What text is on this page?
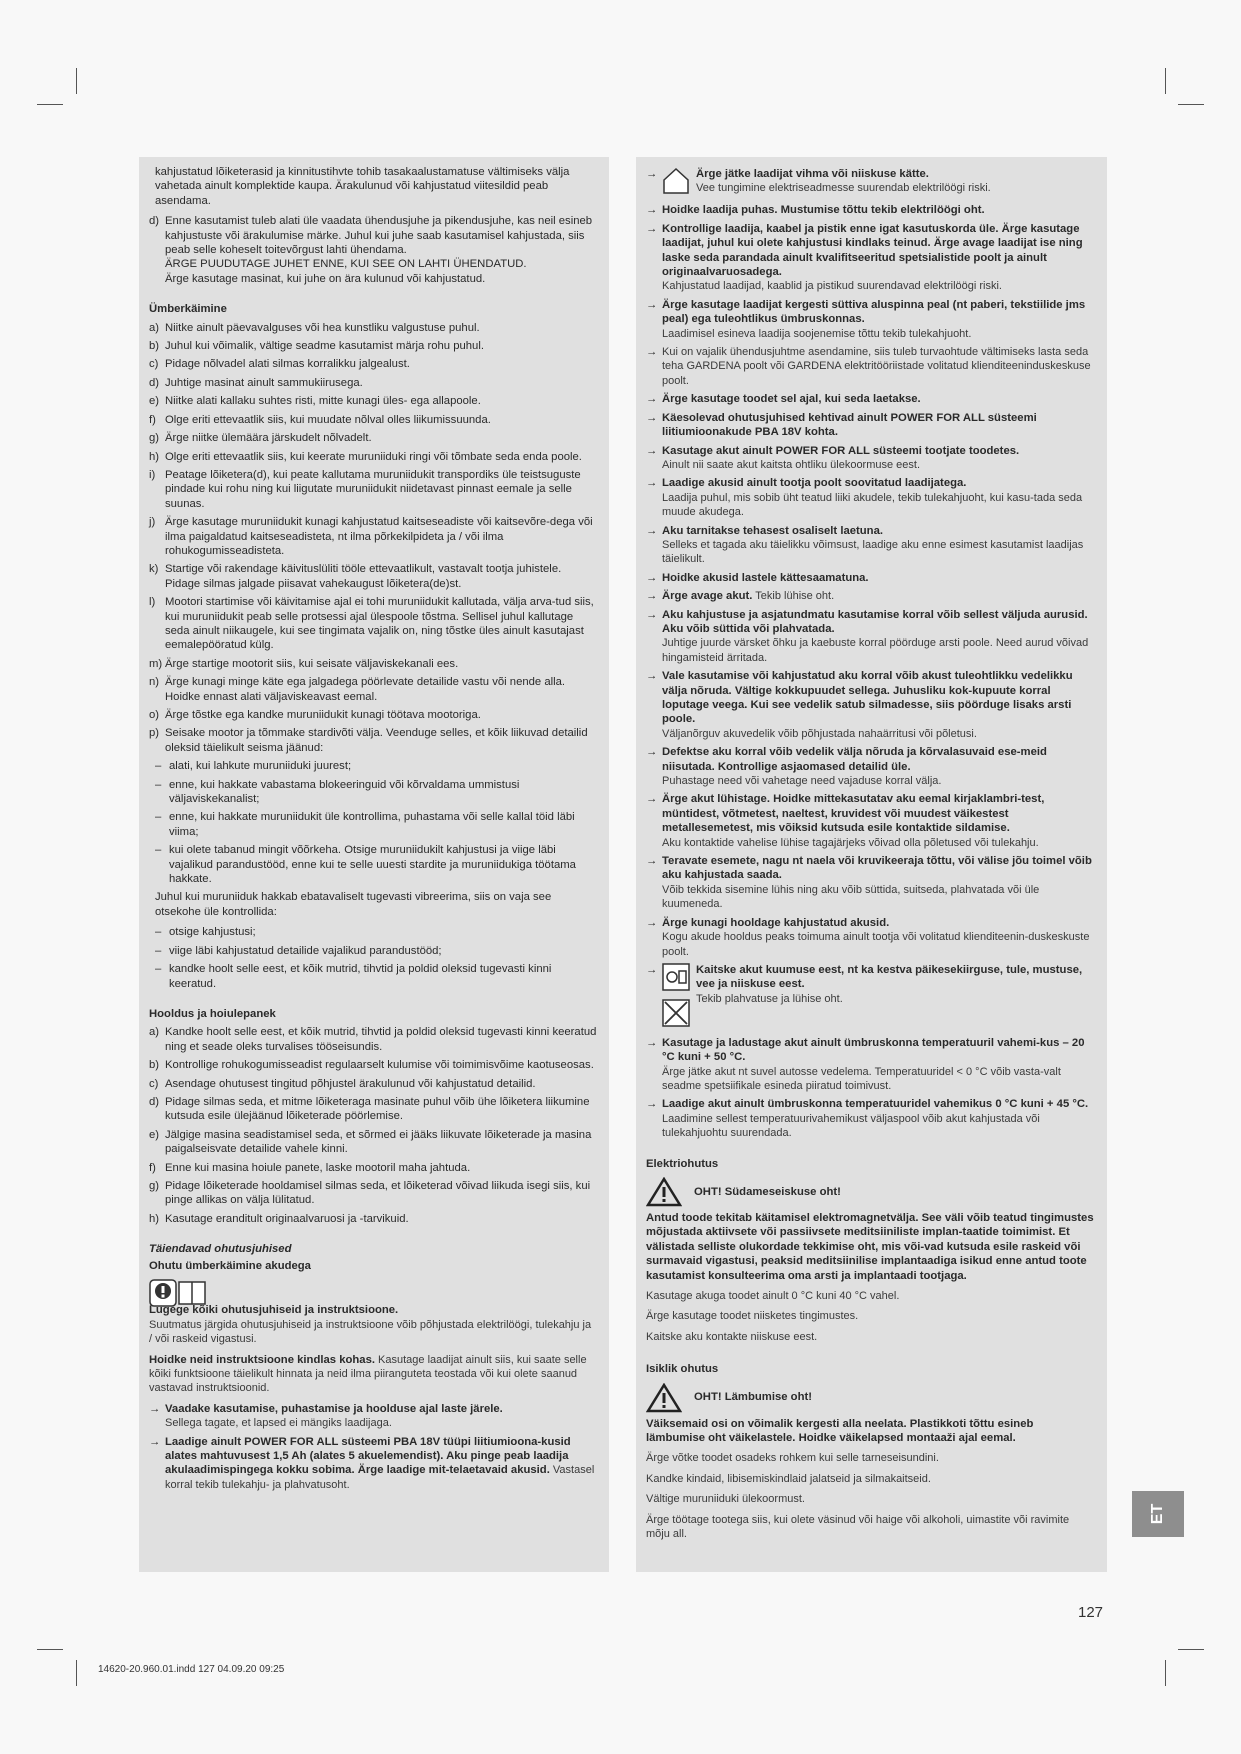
kahjustatud lõiketerasid ja kinnitustihvte tohib tasakaalustamatuse vältimiseks välja vahetada ainult komplektide kaupa. Ärakulunud või kahjustatud viitesildid peab asendama.

d) Enne kasutamist tuleb alati üle vaadata ühendusjuhe ja pikendusjuhe, kas neil esineb kahjustuste või ärakulumise märke. Juhul kui juhe saab kasutamisel kahjustada, siis peab selle koheselt toitevõrgust lahti ühendama.

ÄRGE PUUDUTAGE JUHET ENNE, KUI SEE ON LAHTI ÜHENDATUD.

Ärge kasutage masinat, kui juhe on ära kulunud või kahjustatud.

Ümberkäimine

a) Niitke ainult päevavalguses või hea kunstliku valgustuse puhul.
b) Juhul kui võimalik, vältige seadme kasutamist märja rohu puhul.
c) Pidage nõlvadel alati silmas korralikku jalgealust.
d) Juhtige masinat ainult sammukiirusega.
e) Niitke alati kallaku suhtes risti, mitte kunagi üles- ega allapoole.
f) Olge eriti ettevaatlik siis, kui muudate nõlval olles liikumissuunda.
g) Ärge niitke ülemäära järskudelt nõlvadelt.
h) Olge eriti ettevaatlik siis, kui keerate muruniiduki ringi või tõmbate seda enda poole.
i) Peatage lõiketera(d), kui peate kallutama muruniidukit transpordiks üle teistsuguste pindade kui rohu ning kui liigutate muruniidukit niidetavast pinnast eemale ja selle suunas.
j) Ärge kasutage muruniidukit kunagi kahjustatud kaitseseadiste või kaitsevõre-dega või ilma paigaldatud kaitseseadisteta, nt ilma põrkekilpideta ja / või ilma rohukogumisseadisteta.
k) Startige või rakendage käivituslüliti tööle ettevaatlikult, vastavalt tootja juhistele. Pidage silmas jalgade piisavat vahekaugust lõiketera(de)st.
l) Mootori startimise või käivitamise ajal ei tohi muruniidukit kallutada, välja arva-tud siis, kui muruniidukit peab selle protsessi ajal ülespoole tõstma. Sellisel juhul kallutage seda ainult niikaugele, kui see tingimata vajalik on, ning tõstke üles ainult kasutajast eemalepööratud külg.
m) Ärge startige mootorit siis, kui seisate väljaviskekanali ees.
n) Ärge kunagi minge käte ega jalgadega pöörlevate detailide vastu või nende alla. Hoidke ennast alati väljaviskeavast eemal.
o) Ärge tõstke ega kandke muruniidukit kunagi töötava mootoriga.
p) Seisake mootor ja tõmmake stardivõti välja. Veenduge selles, et kõik liikuvad detailid oleksid täielikult seisma jäänud:
– alati, kui lahkute muruniiduki juurest;
– enne, kui hakkate vabastama blokeeringuid või kõrvaldama ummistusi väljaviskekanalist;
– enne, kui hakkate muruniidukit üle kontrollima, puhastama või selle kallal töid läbi viima;
– kui olete tabanud mingit võõrkeha. Otsige muruniidukilt kahjustusi ja viige läbi vajalikud parandustööd, enne kui te selle uuesti stardite ja muruniidukiga töötama hakkate.

Juhul kui muruniiduk hakkab ebatavaliselt tugevasti vibreerima, siis on vaja see otsekohe üle kontrollida:

– otsige kahjustusi;
– viige läbi kahjustatud detailide vajalikud parandustööd;
– kandke hoolt selle eest, et kõik mutrid, tihvtid ja poldid oleksid tugevasti kinni keeratud.

Hooldus ja hoiulepanek

a) Kandke hoolt selle eest, et kõik mutrid, tihvtid ja poldid oleksid tugevasti kinni keeratud ning et seade oleks turvalises tööseisundis.
b) Kontrollige rohukogumisseadist regulaarselt kulumise või toimimisvõime kaotuseosas.
c) Asendage ohutusest tingitud põhjustel ärakulunud või kahjustatud detailid.
d) Pidage silmas seda, et mitme lõiketeraga masinate puhul võib ühe lõiketera liikumine kutsuda esile ülejäänud lõiketerade pöörlemise.
e) Jälgige masina seadistamisel seda, et sõrmed ei jääks liikuvate lõiketerade ja masina paigalseisvate detailide vahele kinni.
f) Enne kui masina hoiule panete, laske mootoril maha jahtuda.
g) Pidage lõiketerade hooldamisel silmas seda, et lõiketerad võivad liikuda isegi siis, kui pinge allikas on välja lülitatud.
h) Kasutage eranditult originaalvaruosi ja -tarvikuid.

Täiendavad ohutusjuhised

Ohutu ümberkäimine akudega

Lugege kõiki ohutusjuhiseid ja instruktsioone.

Suutmatus järgida ohutusjuhiseid ja instruktsioone võib põhjustada elektrilöögi, tulekahju ja / või raskeid vigastusi.

Hoidke neid instruktsioone kindlas kohas. Kasutage laadijat ainult siis, kui saate selle kõiki funktsioone täielikult hinnata ja neid ilma piiranguteta teostada või kui olete saanud vastavad instruktsioonid.

→ Vaadake kasutamise, puhastamise ja hoolduse ajal laste järele.

Sellega tagate, et lapsed ei mängiks laadijaga.

→ Laadige ainult POWER FOR ALL süsteemi PBA 18V tüüpi liitiumioona-kusid alates mahtuvusest 1,5 Ah (alates 5 akuelemendist). Aku pinge peab laadija akulaadimispingega kokku sobima. Ärge laadige mit-telaetavaid akusid. Vastasel korral tekib tulekahju- ja plahvatusoht.

→	Ärge jätke laadijat vihma või niiskuse kätte.

Vee tungimine elektriseadmesse suurendab elektrilöögi riski.

→ Hoidke laadija puhas. Mustumise tõttu tekib elektrilöögi oht.

→ Kontrollige laadija, kaabel ja pistik enne igat kasutuskorda üle. Ärge kasutage laadijat, juhul kui olete kahjustusi kindlaks teinud. Ärge avage laadijat ise ning laske seda parandada ainult kvalifitseeritud spetsialistide poolt ja ainult originaalvaruosadega.

Kahjustatud laadijad, kaablid ja pistikud suurendavad elektrilöögi riski.

→ Ärge kasutage laadijat kergesti süttiva aluspinna peal (nt paberi, tekstiilide jms peal) ega tuleohtlikus ümbruskonnas.

Laadimisel esineva laadija soojenemise tõttu tekib tulekahjuoht.

→ Kui on vajalik ühendusjuhtme asendamine, siis tuleb turvaohtude vältimiseks lasta seda teha GARDENA poolt või GARDENA elektritööriistade volitatud klienditeeninduskeskuse poolt.

→ Ärge kasutage toodet sel ajal, kui seda laetakse.

→ Käesolevad ohutusjuhised kehtivad ainult POWER FOR ALL süsteemi liitiumioonakude PBA 18V kohta.

→ Kasutage akut ainult POWER FOR ALL süsteemi tootjate toodetes.

Ainult nii saate akut kaitsta ohtliku ülekoormuse eest.

→ Laadige akusid ainult tootja poolt soovitatud laadijatega.

Laadija puhul, mis sobib üht teatud liiki akudele, tekib tulekahjuoht, kui kasu-tada seda muude akudega.

→ Aku tarnitakse tehasest osaliselt laetuna.

Selleks et tagada aku täielikku võimsust, laadige aku enne esimest kasutamist laadijas täielikult.

→ Hoidke akusid lastele kättesaamatuna.

→ Ärge avage akut. Tekib lühise oht.

→ Aku kahjustuse ja asjatundmatu kasutamise korral võib sellest väljuda aurusid. Aku võib süttida või plahvatada.

Juhtige juurde värsket õhku ja kaebuste korral pöörduge arsti poole. Need aurud võivad hingamisteid ärritada.

→ Vale kasutamise või kahjustatud aku korral võib akust tuleohtlikku vedelikku välja nõruda. Vältige kokkupuudet sellega. Juhusliku kok-kupuute korral loputage veega. Kui see vedelik satub silmadesse, siis pöörduge lisaks arsti poole.

Väljanõrguv akuvedelik võib põhjustada nahaärritusi või põletusi.

→ Defektse aku korral võib vedelik välja nõruda ja kõrvalasuvaid ese-meid niisutada. Kontrollige asjaomased detailid üle.

Puhastage need või vahetage need vajaduse korral välja.

→ Ärge akut lühistage. Hoidke mittekasutatav aku eemal kirjaklambri-test, müntidest, võtmetest, naeltest, kruvidest või muudest väikestest metallesemetest, mis võiksid kutsuda esile kontaktide sildamise.

Aku kontaktide vahelise lühise tagajärjeks võivad olla põletused või tulekahju.

→ Teravate esemete, nagu nt naela või kruvikeeraja tõttu, või välise jõu toimel võib aku kahjustada saada.

Võib tekkida sisemine lühis ning aku võib süttida, suitseda, plahvatada või üle kuumeneda.

→ Ärge kunagi hooldage kahjustatud akusid.

Kogu akude hooldus peaks toimuma ainult tootja või volitatud klienditeenin-duskeskuste poolt.

→	Kaitske akut kuumuse eest, nt ka kestva päikesekiirguse, tule, mustuse, vee ja niiskuse eest.

Tekib plahvatuse ja lühise oht.

→ Kasutage ja ladustage akut ainult ümbruskonna temperatuuril vahemi-kus – 20 °C kuni + 50 °C.

Ärge jätke akut nt suvel autosse vedelema. Temperatuuridel < 0 °C võib vasta-valt seadme spetsiifikale esineda piiratud toimivust.

→ Laadige akut ainult ümbruskonna temperatuuridel vahemikus 0 °C kuni + 45 °C. Laadimine sellest temperatuurivahemikust väljaspool võib akut kahjustada või tulekahjuohtu suurendada.

Elektriohutus

OHT! Südameseiskuse oht!

Antud toode tekitab käitamisel elektromagnetvälja. See väli võib teatud tingimustes mõjustada aktiivsete või passiivsete meditsiiniliste implan-taatide toimimist. Et välistada selliste olukordade tekkimise oht, mis või-vad kutsuda esile raskeid või surmavaid vigastusi, peaksid meditsiinilise implantaadiga isikud enne antud toote kasutamist konsulteerima oma arsti ja implantaadi tootjaga.

Kasutage akuga toodet ainult 0 °C kuni 40 °C vahel.

Ärge kasutage toodet niisketes tingimustes.

Kaitske aku kontakte niiskuse eest.

Isiklik ohutus

OHT! Lämbumise oht!

Väiksemaid osi on võimalik kergesti alla neelata. Plastikkoti tõttu esineb lämbumise oht väikelastele. Hoidke väikelapsed montaaži ajal eemal.

Ärge võtke toodet osadeks rohkem kui selle tarneseisundini.

Kandke kindaid, libisemiskindlaid jalatseid ja silmakaitseid.

Vältige muruniiduki ülekoormust.

Ärge töötage tootega siis, kui olete väsinud või haige või alkoholi, uimastite või ravimite mõju all.

ET
127
14620-20.960.01.indd 127 04.09.20 09:25
